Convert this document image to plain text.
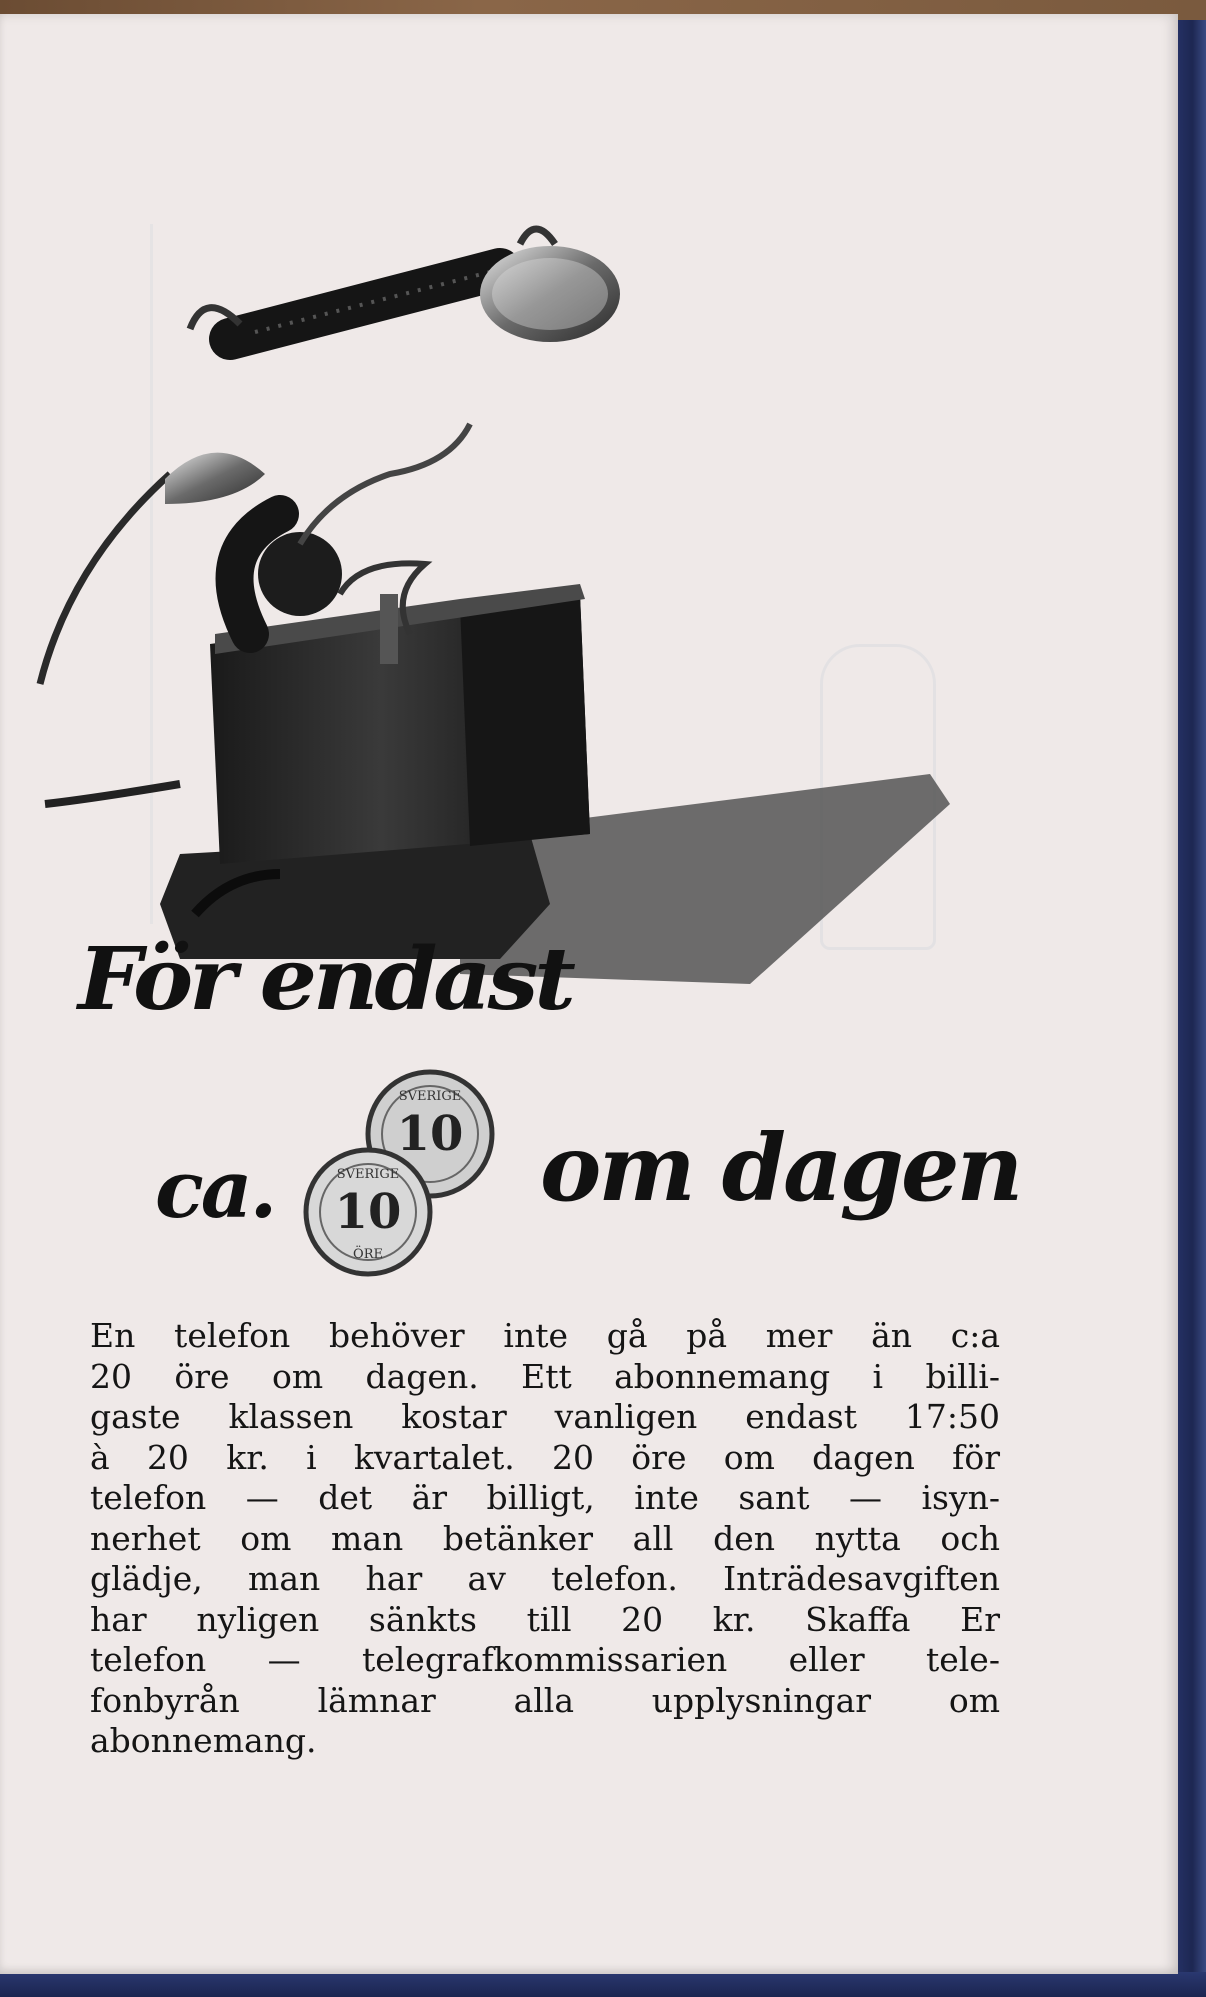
För endast
ca.
10
SVERIGE
10
SVERIGE
ÖRE
om dagen
En telefon behöver inte gå på mer än c:a
20 öre om dagen. Ett abonnemang i billi-
gaste klassen kostar vanligen endast 17:50
à 20 kr. i kvartalet. 20 öre om dagen för
telefon — det är billigt, inte sant — isyn-
nerhet om man betänker all den nytta och
glädje, man har av telefon. Inträdesavgiften
har nyligen sänkts till 20 kr. Skaffa Er
telefon — telegrafkommissarien eller tele-
fonbyrån lämnar alla upplysningar om
abonnemang.
